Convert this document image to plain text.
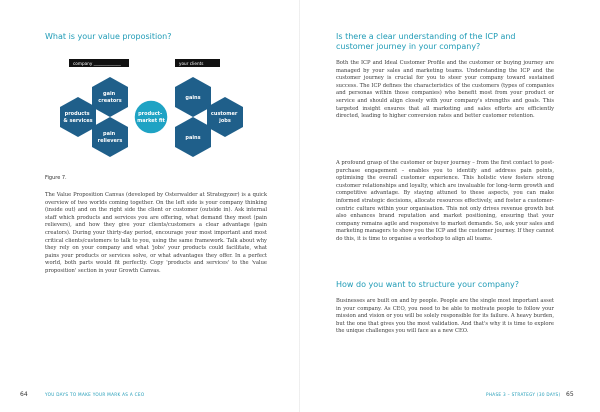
What is your value proposition?
company _____________	your clients
gain creators
products & services
pain relievers
gains
customer jobs
pains
product- market fit
Figure 7.

The Value Proposition Canvas (developed by Osterwalder at Strategyzer) is a quick overview of two worlds coming together. On the left side is your company thinking (inside out) and on the right side the client or customer (outside in). Ask internal staff which products and services you are offering, what demand they meet (pain relievers), and how they give your clients/customers a clear advantage (gain creators). During your thirty-day period, encourage your most important and most critical clients/customers to talk to you, using the same framework. Talk about why they rely on your company and what 'jobs' your products could facilitate, what pains your products or services solve, or what advantages they offer. In a perfect world, both parts would fit perfectly. Copy 'products and services' to the 'value proposition' section in your Growth Canvas.

64	YOU DAYS TO MAKE YOUR MARK AS A CEO
Is there a clear understanding of the ICP and customer journey in your company?

Both the ICP and Ideal Customer Profile and the customer or buying journey are managed by your sales and marketing teams. Understanding the ICP and the customer journey is crucial for you to steer your company toward sustained success. The ICP defines the characteristics of the customers (types of companies and personas within those companies) who benefit most from your product or service and should align closely with your company's strengths and goals. This targeted insight ensures that all marketing and sales efforts are efficiently directed, leading to higher conversion rates and better customer retention.

A profound grasp of the customer or buyer journey – from the first contact to post-purchase engagement – enables you to identify and address pain points, optimising the overall customer experience. This holistic view fosters strong customer relationships and loyalty, which are invaluable for long-term growth and competitive advantage. By staying attuned to these aspects, you can make informed strategic decisions, allocate resources effectively, and foster a customer-centric culture within your organisation. This not only drives revenue growth but also enhances brand reputation and market positioning, ensuring that your company remains agile and responsive to market demands. So, ask your sales and marketing managers to show you the ICP and the customer journey. If they cannot do this, it is time to organise a workshop to align all teams.

How do you want to structure your company?

Businesses are built on and by people. People are the single most important asset in your company. As CEO, you need to be able to motivate people to follow your mission and vision or you will be solely responsible for its failure. A heavy burden, but the one that gives you the most validation. And that's why it is time to explore the unique challenges you will face as a new CEO.

PHASE 3 – STRATEGY (30 DAYS) 65
